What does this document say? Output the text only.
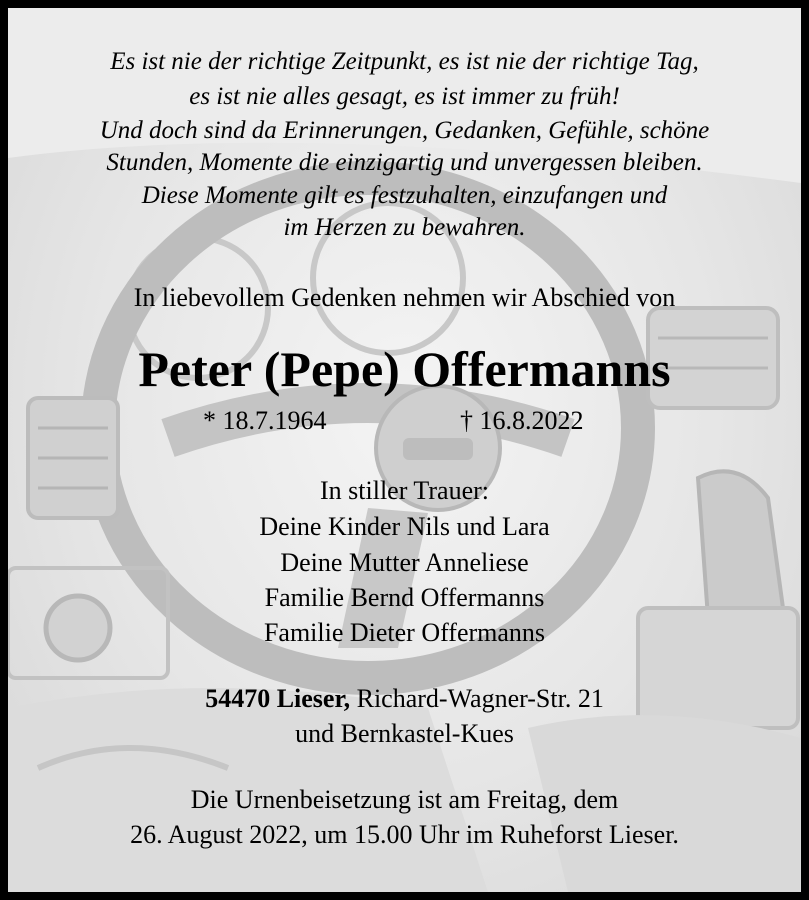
Es ist nie der richtige Zeitpunkt, es ist nie der richtige Tag,
es ist nie alles gesagt, es ist immer zu früh!
Und doch sind da Erinnerungen, Gedanken, Gefühle, schöne
Stunden, Momente die einzigartig und unvergessen bleiben.
Diese Momente gilt es festzuhalten, einzufangen und
im Herzen zu bewahren.
In liebevollem Gedenken nehmen wir Abschied von
Peter (Pepe) Offermanns
* 18.7.1964	† 16.8.2022
In stiller Trauer:
Deine Kinder Nils und Lara
Deine Mutter Anneliese
Familie Bernd Offermanns
Familie Dieter Offermanns
54470 Lieser, Richard-Wagner-Str. 21
und Bernkastel-Kues
Die Urnenbeisetzung ist am Freitag, dem
26. August 2022, um 15.00 Uhr im Ruheforst Lieser.
